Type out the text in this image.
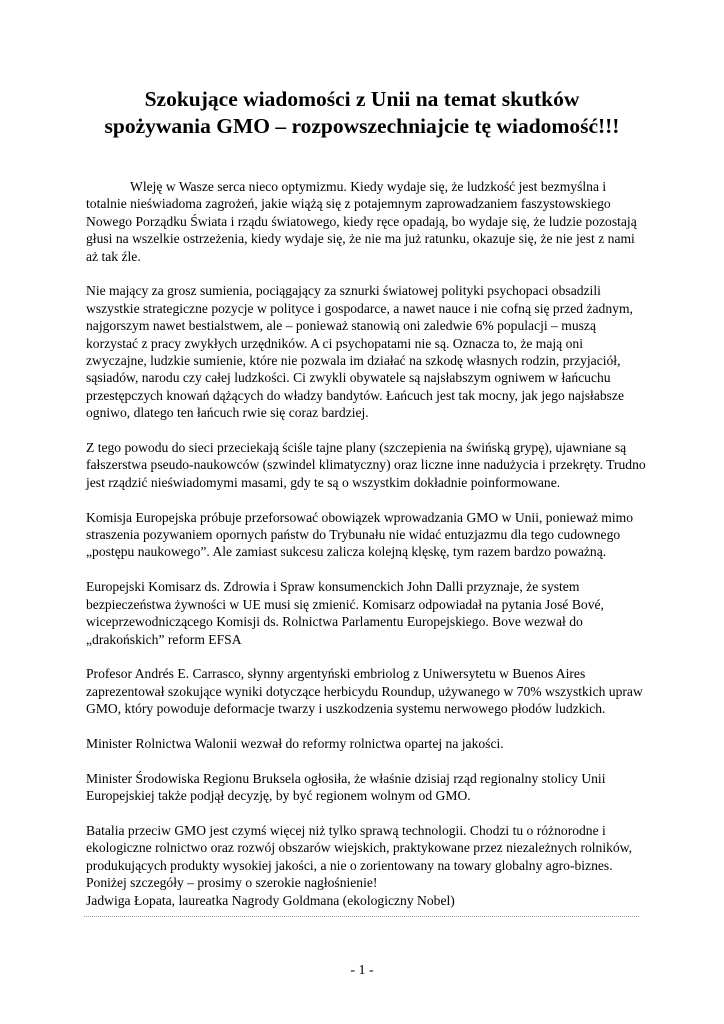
Szokujące wiadomości z Unii na temat skutków
spożywania GMO – rozpowszechniajcie tę wiadomość!!!

Wleję w Wasze serca nieco optymizmu. Kiedy wydaje się, że ludzkość jest bezmyślna i totalnie nieświadoma zagrożeń, jakie wiążą się z potajemnym zaprowadzaniem faszystowskiego Nowego Porządku Świata i rządu światowego, kiedy ręce opadają, bo wydaje się, że ludzie pozostają głusi na wszelkie ostrzeżenia, kiedy wydaje się, że nie ma już ratunku, okazuje się, że nie jest z nami aż tak źle.

Nie mający za grosz sumienia, pociągający za sznurki światowej polityki psychopaci obsadzili wszystkie strategiczne pozycje w polityce i gospodarce, a nawet nauce i nie cofną się przed żadnym, najgorszym nawet bestialstwem, ale – ponieważ stanowią oni zaledwie 6% populacji – muszą korzystać z pracy zwykłych urzędników. A ci psychopatami nie są. Oznacza to, że mają oni zwyczajne, ludzkie sumienie, które nie pozwala im działać na szkodę własnych rodzin, przyjaciół, sąsiadów, narodu czy całej ludzkości. Ci zwykli obywatele są najsłabszym ogniwem w łańcuchu przestępczych knowań dążących do władzy bandytów. Łańcuch jest tak mocny, jak jego najsłabsze ogniwo, dlatego ten łańcuch rwie się coraz bardziej.

Z tego powodu do sieci przeciekają ściśle tajne plany (szczepienia na świńską grypę), ujawniane są fałszerstwa pseudo-naukowców (szwindel klimatyczny) oraz liczne inne nadużycia i przekręty. Trudno jest rządzić nieświadomymi masami, gdy te są o wszystkim dokładnie poinformowane.

Komisja Europejska próbuje przeforsować obowiązek wprowadzania GMO w Unii, ponieważ mimo straszenia pozywaniem opornych państw do Trybunału nie widać entuzjazmu dla tego cudownego „postępu naukowego”. Ale zamiast sukcesu zalicza kolejną klęskę, tym razem bardzo poważną.

Europejski Komisarz ds. Zdrowia i Spraw konsumenckich John Dalli przyznaje, że system bezpieczeństwa żywności w UE musi się zmienić. Komisarz odpowiadał na pytania José Bové, wiceprzewodniczącego Komisji ds. Rolnictwa Parlamentu Europejskiego. Bove wezwał do „drakońskich” reform EFSA

Profesor Andrés E. Carrasco, słynny argentyński embriolog z Uniwersytetu w Buenos Aires zaprezentował szokujące wyniki dotyczące herbicydu Roundup, używanego w 70% wszystkich upraw GMO, który powoduje deformacje twarzy i uszkodzenia systemu nerwowego płodów ludzkich.

Minister Rolnictwa Walonii wezwał do reformy rolnictwa opartej na jakości.

Minister Środowiska Regionu Bruksela ogłosiła, że właśnie dzisiaj rząd regionalny stolicy Unii Europejskiej także podjął decyzję, by być regionem wolnym od GMO.

Batalia przeciw GMO jest czymś więcej niż tylko sprawą technologii. Chodzi tu o różnorodne i ekologiczne rolnictwo oraz rozwój obszarów wiejskich, praktykowane przez niezależnych rolników, produkujących produkty wysokiej jakości, a nie o zorientowany na towary globalny agro-biznes.
Poniżej szczegóły – prosimy o szerokie nagłośnienie!
Jadwiga Łopata, laureatka Nagrody Goldmana (ekologiczny Nobel)

- 1 -
